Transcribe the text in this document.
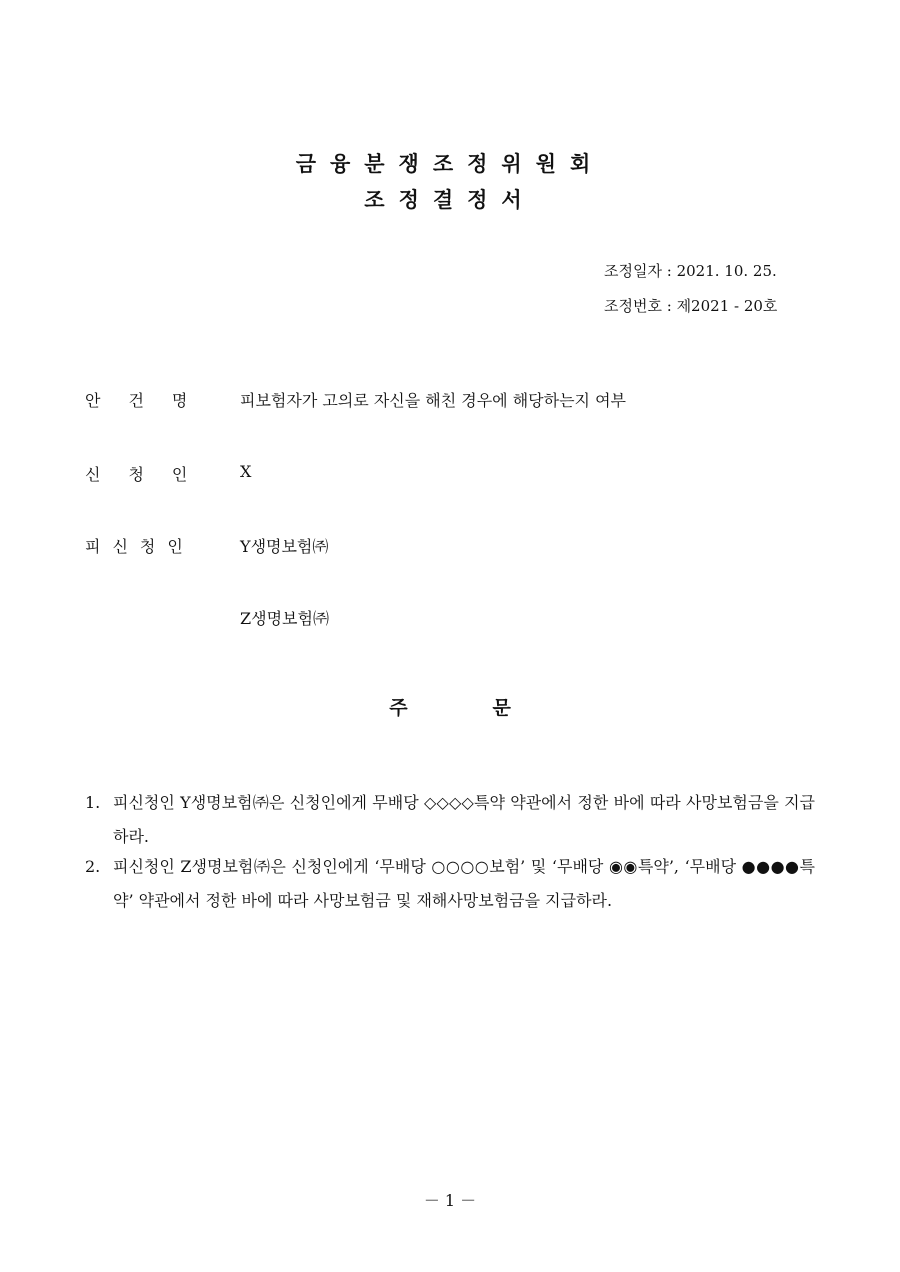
금융분쟁조정위원회
조정결정서
조정일자 : 2021. 10. 25.
조정번호 : 제2021 - 20호
안건명 피보험자가 고의로 자신을 해친 경우에 해당하는지 여부
신청인 X
피신청인	Y생명보험㈜
Z생명보험㈜
주	문
1. 피신청인 Y생명보험㈜은 신청인에게 무배당 ◇◇◇◇특약 약관에서 정한 바에 따라 사망보험금을 지급하라.
2. 피신청인 Z생명보험㈜은 신청인에게 ‘무배당 ○○○○보험’ 및 ‘무배당 ◉◉특약’, ‘무배당 ●●●●특약’ 약관에서 정한 바에 따라 사망보험금 및 재해사망보험금을 지급하라.
－ 1 －
